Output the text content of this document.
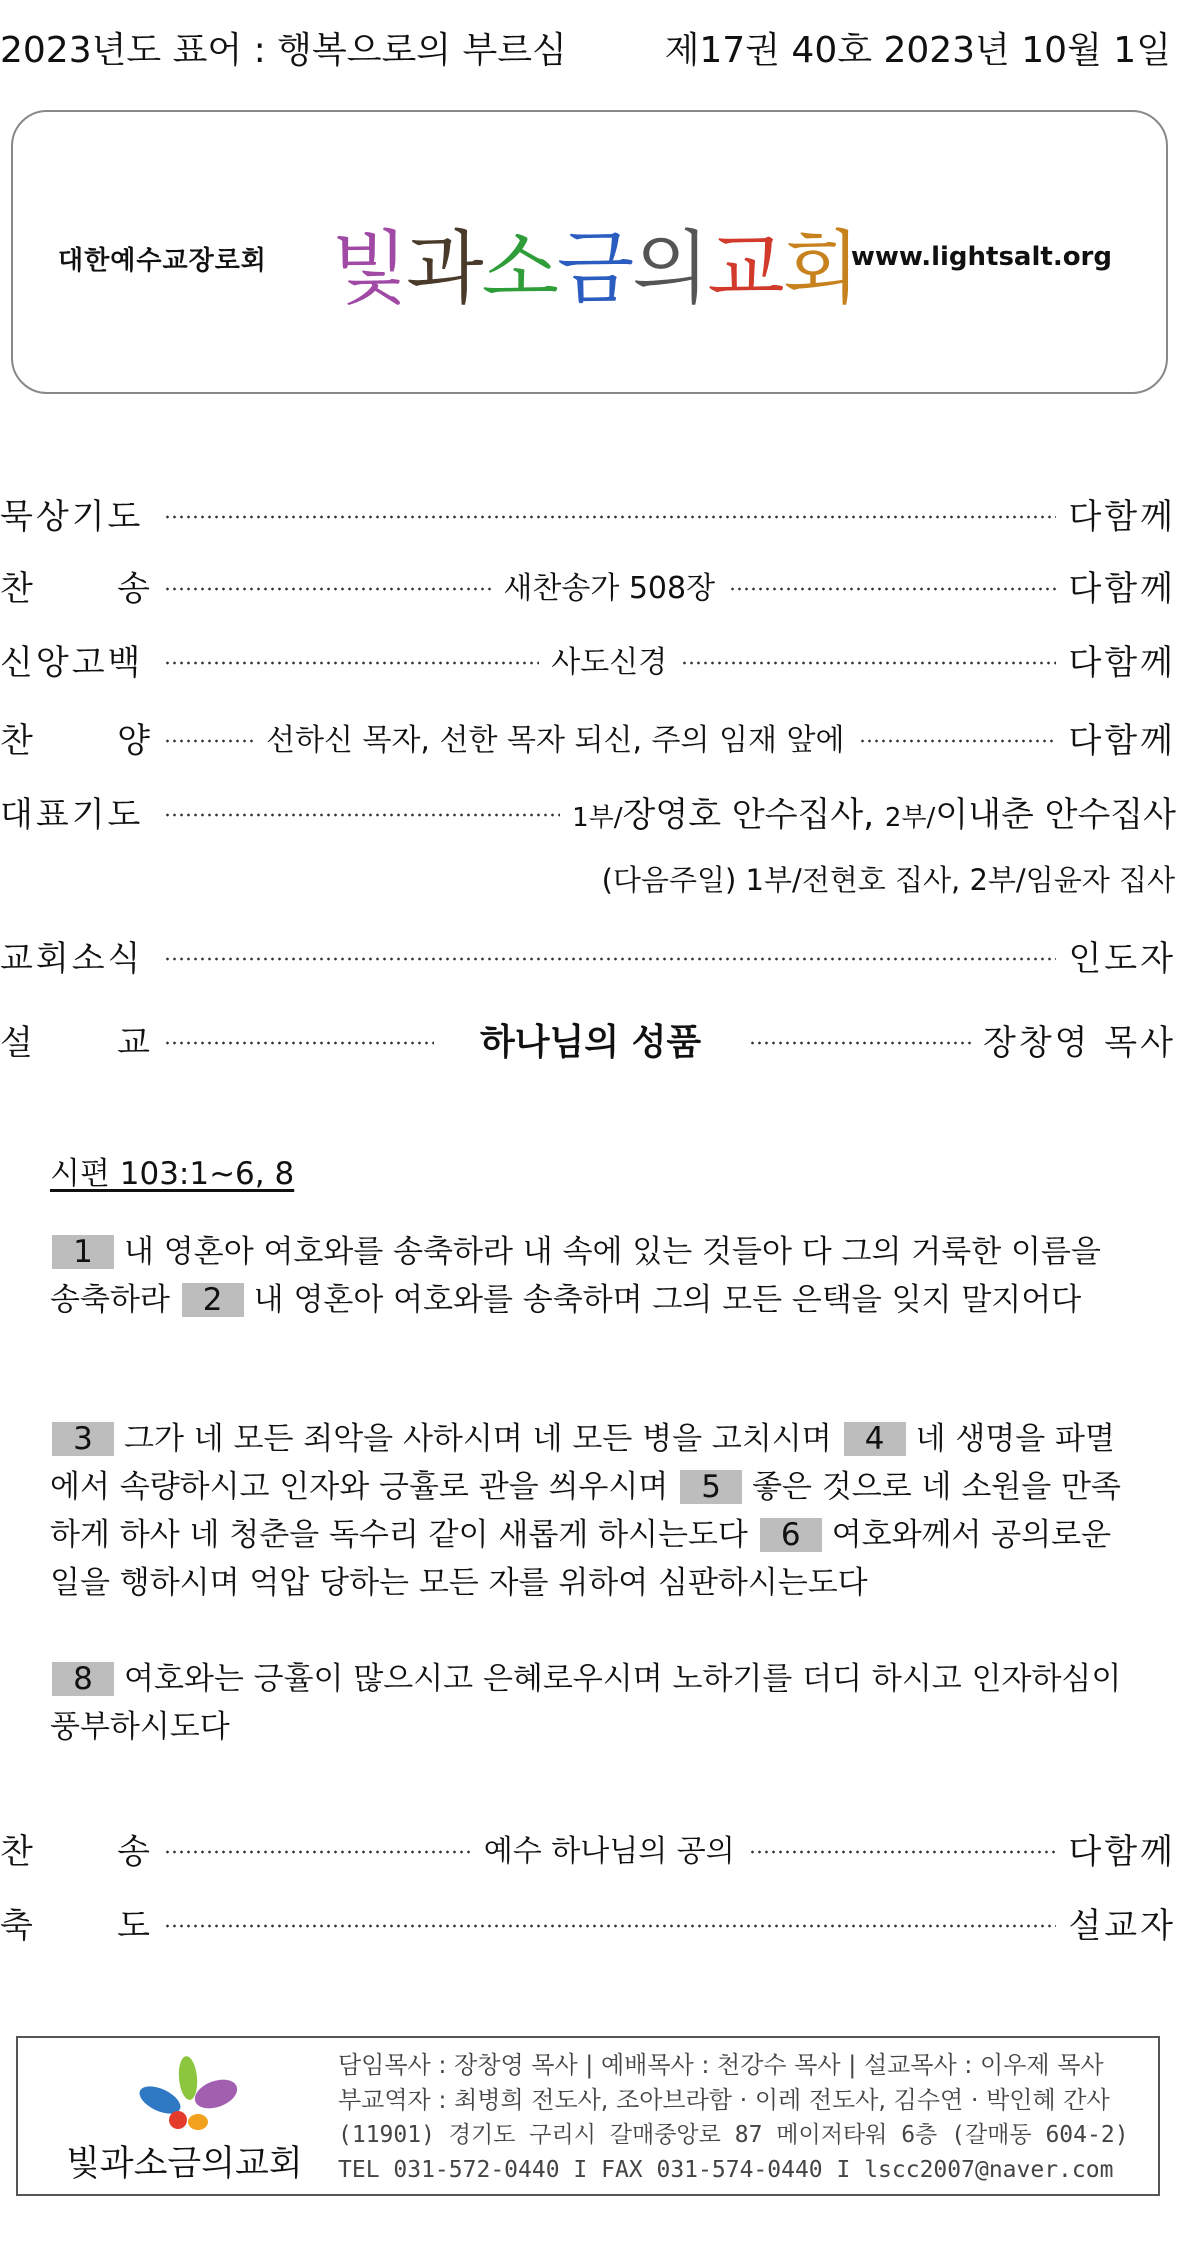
2023년도 표어 : 행복으로의 부르심	제17권 40호 2023년 10월 1일
대한예수교장로회 빛과소금의교회
www.lightsalt.org
묵상기도	다함께
찬 송	새찬송가 508장	다함께
신앙고백	사도신경	다함께
찬 양	선하신 목자, 선한 목자 되신, 주의 임재 앞에	다함께
대표기도	1부/장영호 안수집사, 2부/이내춘 안수집사
(다음주일) 1부/전현호 집사, 2부/임윤자 집사
교회소식	인도자
설 교	하나님의 성품	장창영 목사
시편 103:1~6, 8
1 내 영혼아 여호와를 송축하라 내 속에 있는 것들아 다 그의 거룩한 이름을 송축하라 2 내 영혼아 여호와를 송축하며 그의 모든 은택을 잊지 말지어다
3 그가 네 모든 죄악을 사하시며 네 모든 병을 고치시며 4 네 생명을 파멸에서 속량하시고 인자와 긍휼로 관을 씌우시며 5 좋은 것으로 네 소원을 만족하게 하사 네 청춘을 독수리 같이 새롭게 하시는도다 6 여호와께서 공의로운 일을 행하시며 억압 당하는 모든 자를 위하여 심판하시는도다
8 여호와는 긍휼이 많으시고 은혜로우시며 노하기를 더디 하시고 인자하심이 풍부하시도다
찬 송	예수 하나님의 공의	다함께
축 도	설교자
빛과소금의교회
담임목사 : 장창영 목사 | 예배목사 : 천강수 목사 | 설교목사 : 이우제 목사
부교역자 : 최병희 전도사, 조아브라함 · 이레 전도사, 김수연 · 박인혜 간사
(11901) 경기도 구리시 갈매중앙로 87 메이저타워 6층 (갈매동 604-2)
TEL 031-572-0440 I FAX 031-574-0440 I lscc2007@naver.com
